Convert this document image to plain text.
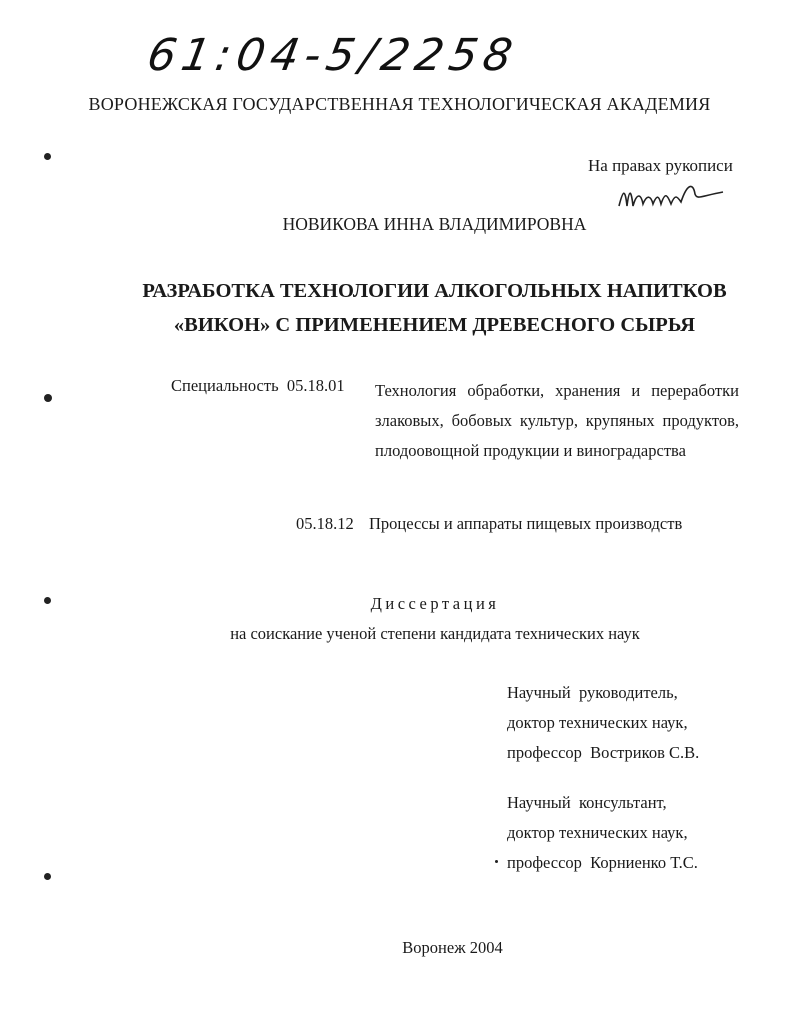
61:04-5/2258
ВОРОНЕЖСКАЯ ГОСУДАРСТВЕННАЯ ТЕХНОЛОГИЧЕСКАЯ АКАДЕМИЯ
На правах рукописи
НОВИКОВА ИННА ВЛАДИМИРОВНА
РАЗРАБОТКА ТЕХНОЛОГИИ АЛКОГОЛЬНЫХ НАПИТКОВ
«ВИКОН» С ПРИМЕНЕНИЕМ ДРЕВЕСНОГО СЫРЬЯ
Специальность  05.18.01 Технология обработки, хранения и переработки злаковых, бобовых культур, крупяных продуктов, плодоовощной продукции и виноградарства
05.18.12 Процессы и аппараты пищевых производств
Диссертация
на соискание ученой степени кандидата технических наук
Научный  руководитель,
доктор технических наук,
профессор  Востриков С.В.
Научный  консультант,
доктор технических наук,
профессор  Корниенко Т.С.
Воронеж 2004
